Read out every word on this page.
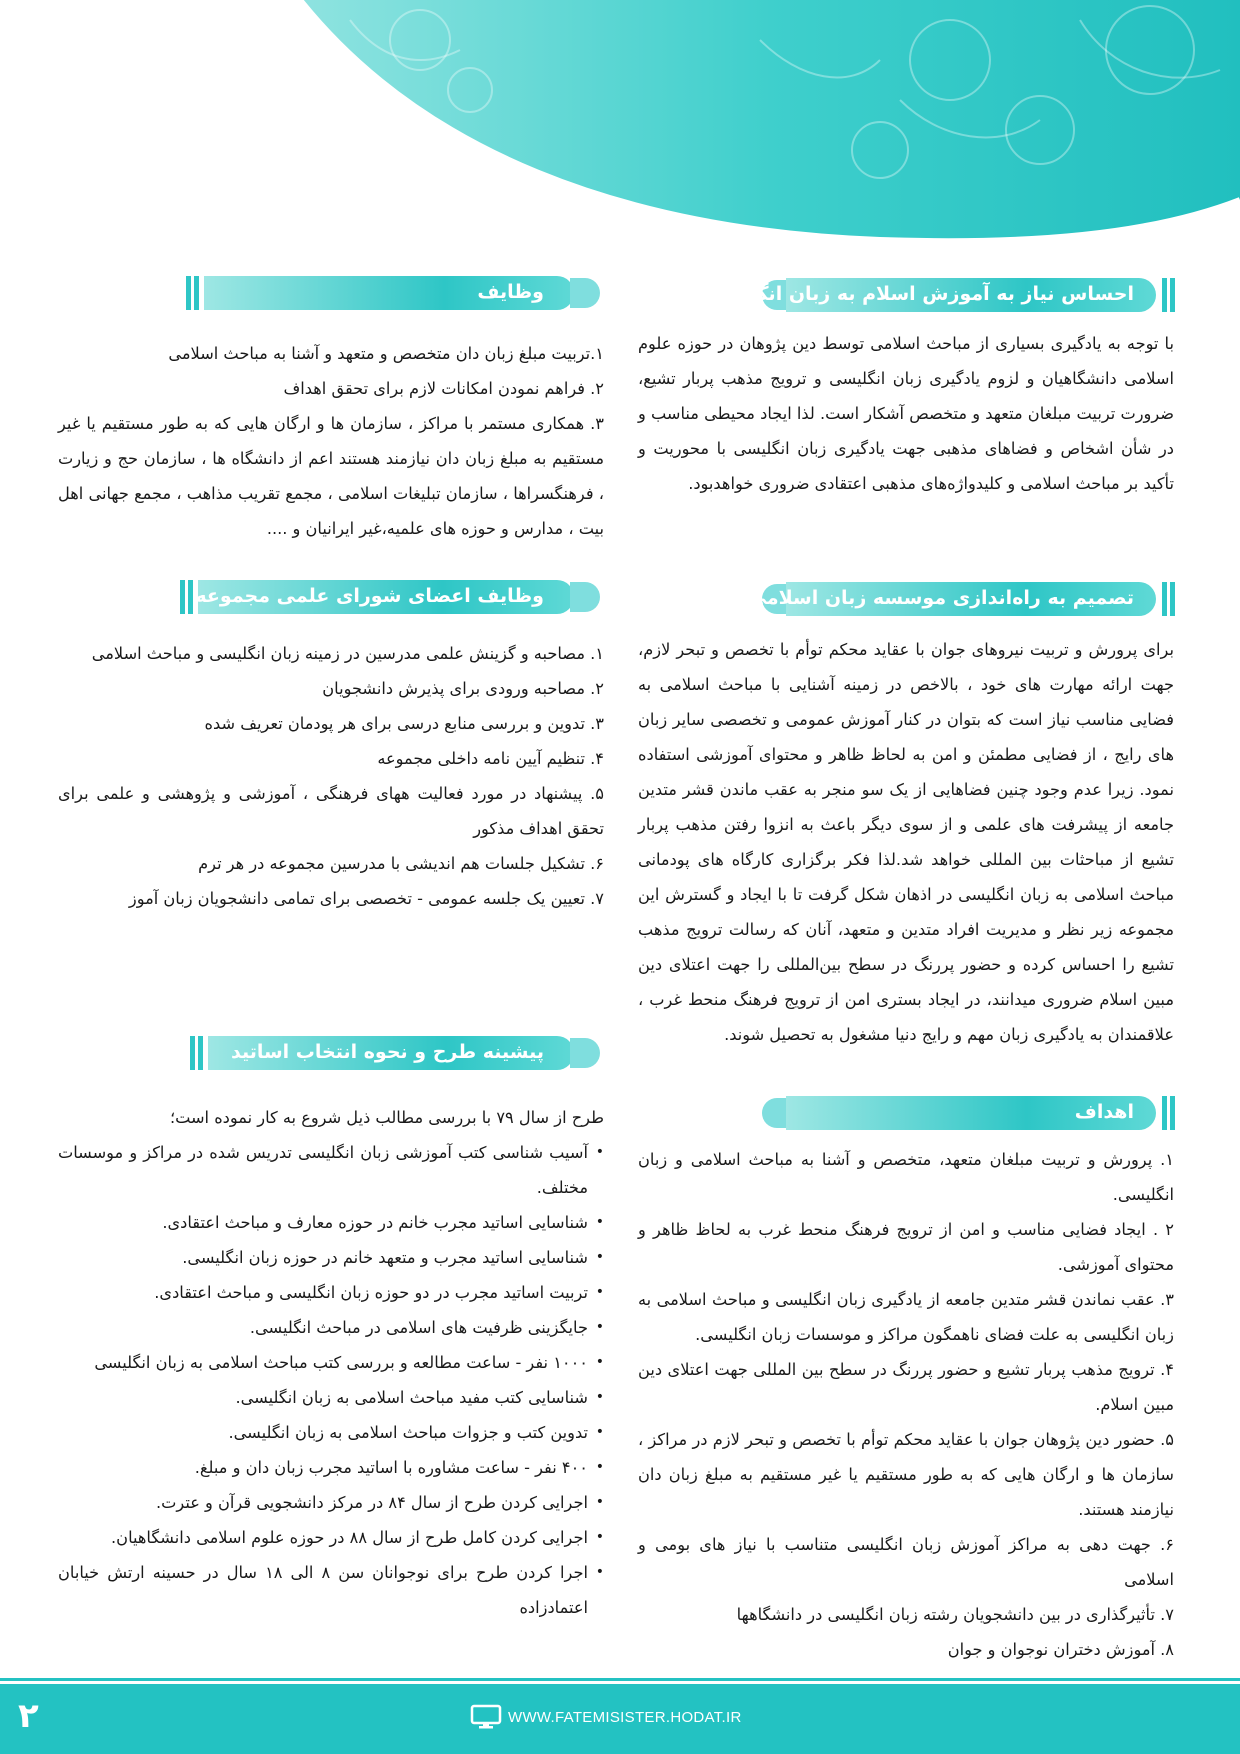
احساس نیاز به آموزش اسلام به زبان انگلیسی

با توجه به یادگیری بسیاری از مباحث اسلامی توسط دین پژوهان در حوزه علوم اسلامی دانشگاهیان و لزوم یادگیری زبان انگلیسی و ترویج مذهب پربار تشیع، ضرورت تربیت مبلغان متعهد و متخصص آشکار است. لذا ایجاد محیطی مناسب و در شأن اشخاص و فضاهای مذهبی جهت یادگیری زبان انگلیسی با محوریت و تأکید بر مباحث اسلامی و کلیدواژه‌های مذهبی اعتقادی ضروری خواهدبود.

تصمیم به راه‌اندازی موسسه زبان اسلامی کوثر

برای پرورش و تربیت نیروهای جوان با عقاید محکم توأم با تخصص و تبحر لازم، جهت ارائه مهارت های خود ، بالاخص در زمینه آشنایی با مباحث اسلامی به فضایی مناسب نیاز است که بتوان در کنار آموزش عمومی و تخصصی سایر زبان های رایج ، از فضایی مطمئن و امن به لحاظ ظاهر و محتوای آموزشی استفاده نمود. زیرا عدم وجود چنین فضاهایی از یک سو منجر به عقب ماندن قشر متدین جامعه از پیشرفت های علمی و از سوی دیگر باعث به انزوا رفتن مذهب پربار تشیع از مباحثات بین المللی خواهد شد.لذا فکر برگزاری کارگاه های پودمانی مباحث اسلامی به زبان انگلیسی در اذهان شکل گرفت تا با ایجاد و گسترش این مجموعه زیر نظر و مدیریت افراد متدین و متعهد، آنان که رسالت ترویج مذهب تشیع را احساس کرده و حضور پررنگ در سطح بین‌المللی را جهت اعتلای دین مبین اسلام ضروری میدانند، در ایجاد بستری امن از ترویج فرهنگ منحط غرب ، علاقمندان به یادگیری زبان مهم و رایج دنیا مشغول به تحصیل شوند.

اهداف
۱. پرورش و تربیت مبلغان متعهد، متخصص و آشنا به مباحث اسلامی و زبان انگلیسی.
۲ . ایجاد فضایی مناسب و امن از ترویج فرهنگ منحط غرب به لحاظ ظاهر و محتوای آموزشی.
۳. عقب نماندن قشر متدین جامعه از یادگیری زبان انگلیسی و مباحث اسلامی به زبان انگلیسی به علت فضای ناهمگون مراکز و موسسات زبان انگلیسی.
۴. ترویج مذهب پربار تشیع و حضور پررنگ در سطح بین المللی جهت اعتلای دین مبین اسلام.
۵. حضور دین پژوهان جوان با عقاید محکم توأم با تخصص و تبحر لازم در مراکز ، سازمان ها و ارگان هایی که به طور مستقیم یا غیر مستقیم به مبلغ زبان دان نیازمند هستند.
۶. جهت دهی به مراکز آموزش زبان انگلیسی متناسب با نیاز های بومی و اسلامی
۷. تأثیرگذاری در بین دانشجویان رشته زبان انگلیسی در دانشگاهها
۸. آموزش دختران نوجوان و جوان
وظایف
۱.تربیت مبلغ زبان دان متخصص و متعهد و آشنا به مباحث اسلامی
۲. فراهم نمودن امکانات لازم برای تحقق اهداف
۳. همکاری مستمر با مراکز ، سازمان ها و ارگان هایی که به طور مستقیم یا غیر مستقیم به مبلغ زبان دان نیازمند هستند اعم از دانشگاه ها ، سازمان حج و زیارت ، فرهنگسراها ، سازمان تبلیغات اسلامی ، مجمع تقریب مذاهب ، مجمع جهانی اهل بیت ، مدارس و حوزه های علمیه،غیر ایرانیان و ....
وظایف اعضای شورای علمی مجموعه
۱. مصاحبه و گزینش علمی مدرسین در زمینه زبان انگلیسی و مباحث اسلامی
۲. مصاحبه ورودی برای پذیرش دانشجویان
۳. تدوین و بررسی منابع درسی برای هر پودمان تعریف شده
۴. تنظیم آیین نامه داخلی مجموعه
۵. پیشنهاد در مورد فعالیت ههای فرهنگی ، آموزشی و پژوهشی و علمی برای تحقق اهداف مذکور
۶. تشکیل جلسات هم اندیشی با مدرسین مجموعه در هر ترم
۷. تعیین یک جلسه عمومی - تخصصی برای تمامی دانشجویان زبان آموز
پیشینه طرح و نحوه انتخاب اساتید

طرح از سال ۷۹ با بررسی مطالب ذیل شروع به کار نموده است؛

• آسیب شناسی کتب آموزشی زبان انگلیسی تدریس شده در مراکز و موسسات مختلف.
• شناسایی اساتید مجرب خانم در حوزه معارف و مباحث اعتقادی.
• شناسایی اساتید مجرب و متعهد خانم در حوزه زبان انگلیسی.
• تربیت اساتید مجرب در دو حوزه زبان انگلیسی و مباحث اعتقادی.
• جایگزینی ظرفیت های اسلامی در مباحث انگلیسی.
• ۱۰۰۰ نفر - ساعت مطالعه و بررسی کتب مباحث اسلامی به زبان انگلیسی
• شناسایی کتب مفید مباحث اسلامی به زبان انگلیسی.
• تدوین کتب و جزوات مباحث اسلامی به زبان انگلیسی.
• ۴۰۰ نفر - ساعت مشاوره با اساتید مجرب زبان دان و مبلغ.
• اجرایی کردن طرح از سال ۸۴ در مرکز دانشجویی قرآن و عترت.
• اجرایی کردن کامل طرح از سال ۸۸ در حوزه علوم اسلامی دانشگاهیان.
• اجرا کردن طرح برای نوجوانان سن ۸ الی ۱۸ سال در حسینه ارتش خیابان اعتمادزاده
۲	WWW.FATEMISISTER.HODAT.IR
